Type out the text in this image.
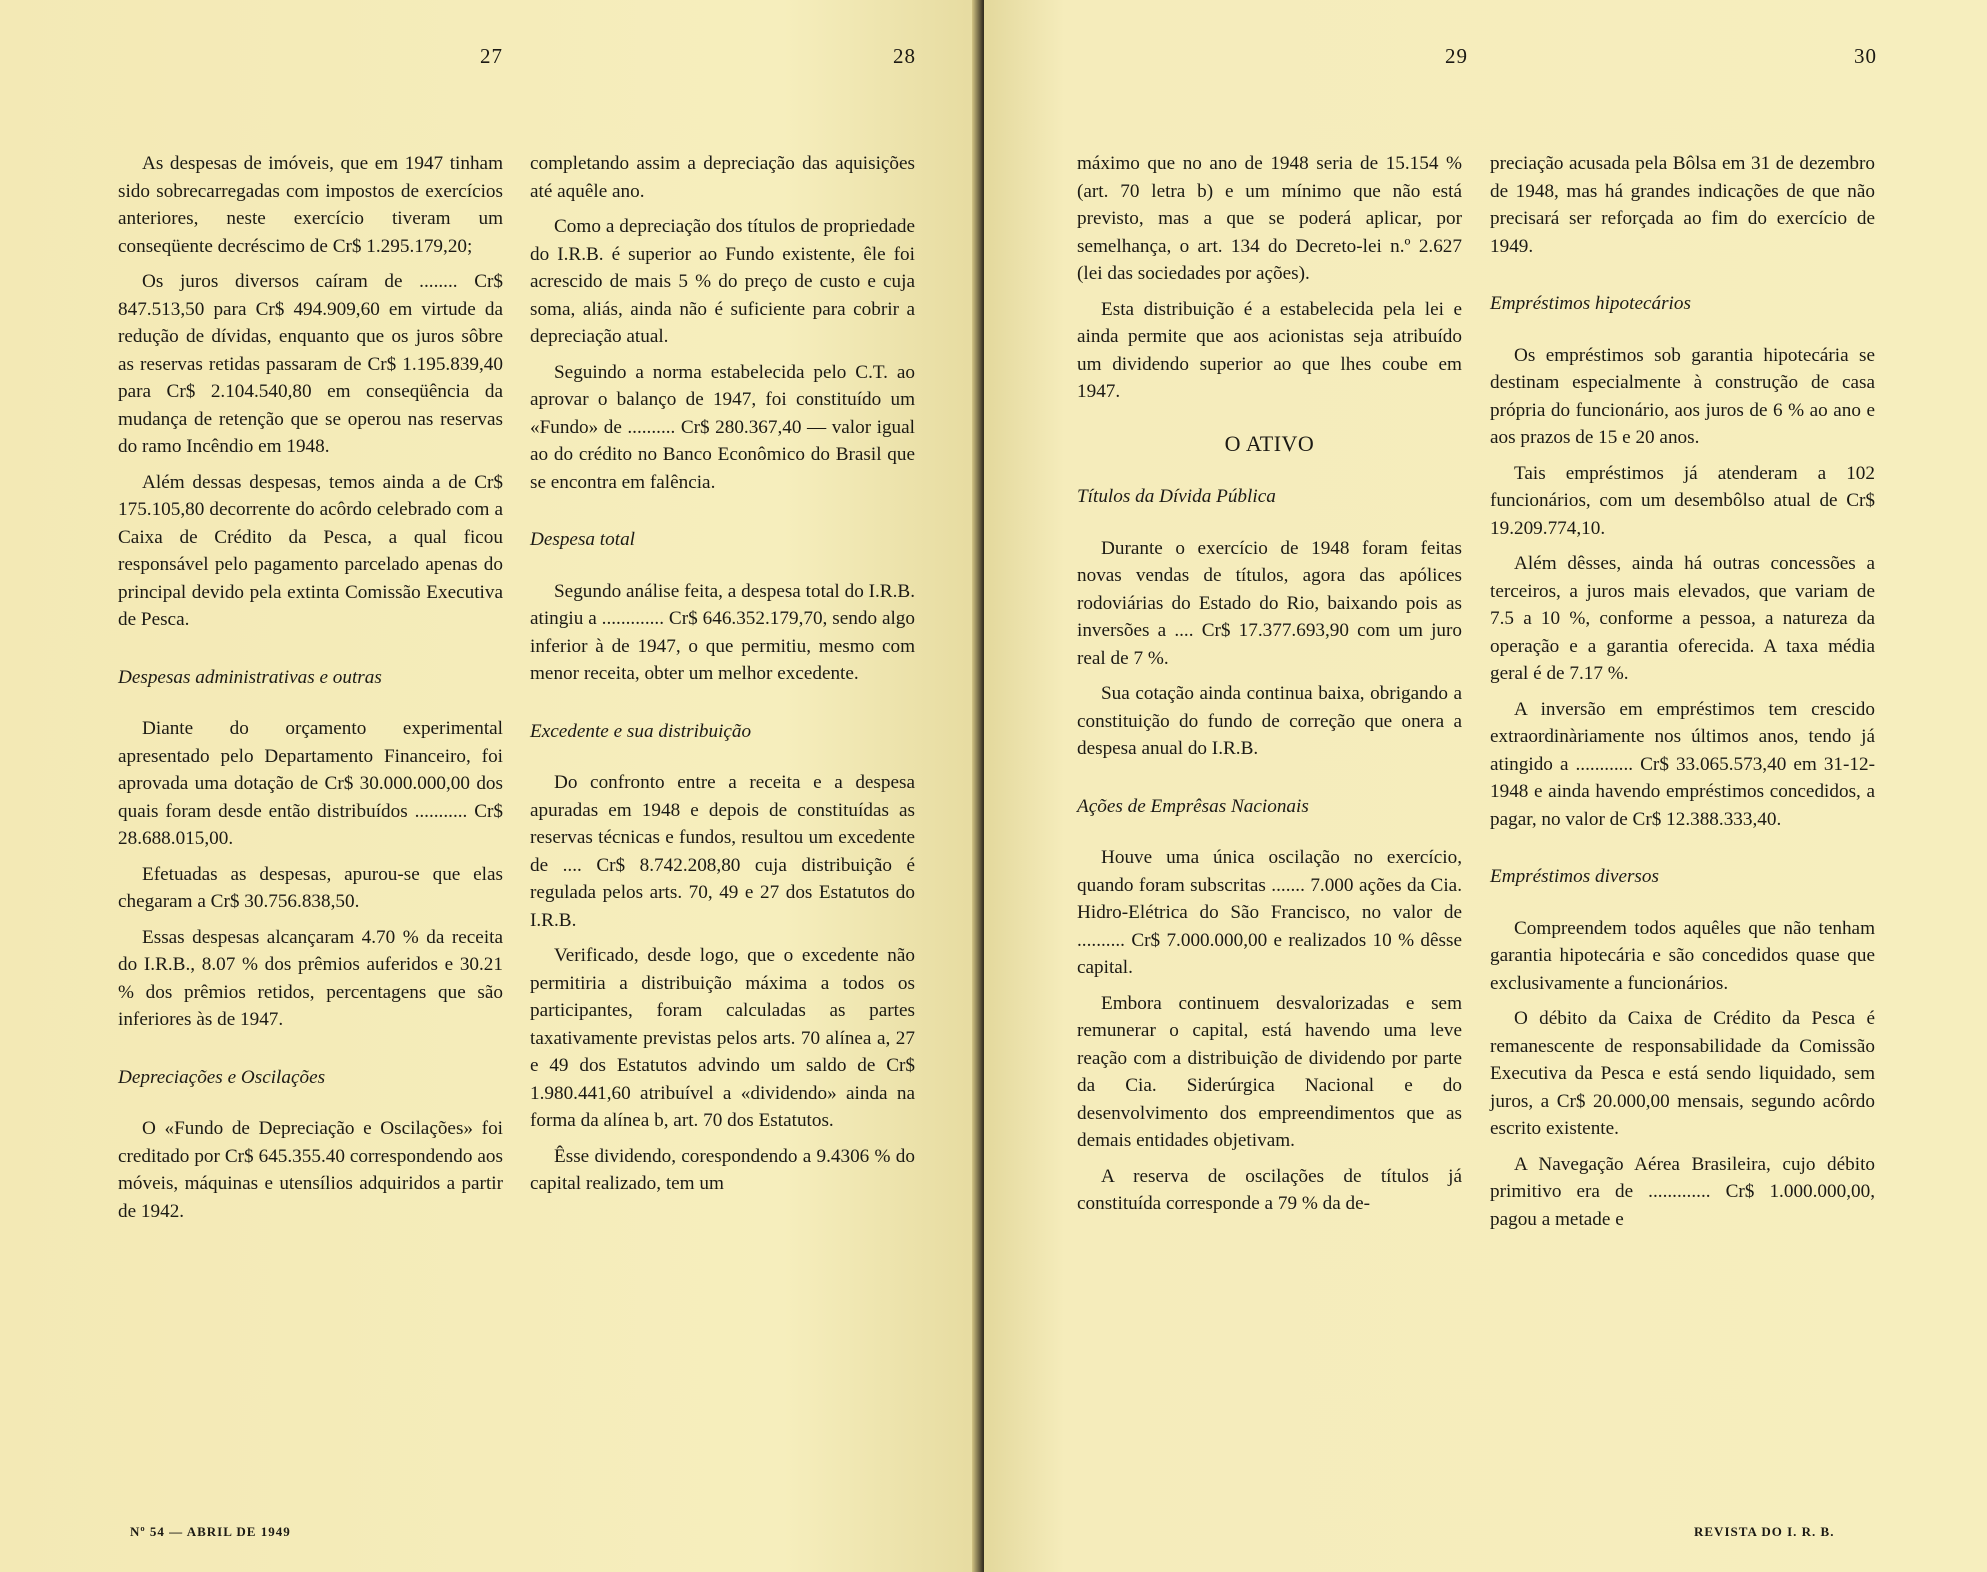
27	28

As despesas de imóveis, que em 1947 tinham sido sobrecarregadas com impostos de exercícios anteriores, neste exercício tiveram um conseqüente decréscimo de Cr$ 1.295.179,20;

Os juros diversos caíram de ........ Cr$ 847.513,50 para Cr$ 494.909,60 em virtude da redução de dívidas, enquanto que os juros sôbre as reservas retidas passaram de Cr$ 1.195.839,40 para Cr$ 2.104.540,80 em conseqüência da mudança de retenção que se operou nas reservas do ramo Incêndio em 1948.

Além dessas despesas, temos ainda a de Cr$ 175.105,80 decorrente do acôrdo celebrado com a Caixa de Crédito da Pesca, a qual ficou responsável pelo pagamento parcelado apenas do principal devido pela extinta Comissão Executiva de Pesca.

Despesas administrativas e outras

Diante do orçamento experimental apresentado pelo Departamento Financeiro, foi aprovada uma dotação de Cr$ 30.000.000,00 dos quais foram desde então distribuídos ........... Cr$ 28.688.015,00.

Efetuadas as despesas, apurou-se que elas chegaram a Cr$ 30.756.838,50.

Essas despesas alcançaram 4.70 % da receita do I.R.B., 8.07 % dos prêmios auferidos e 30.21 % dos prêmios retidos, percentagens que são inferiores às de 1947.

Depreciações e Oscilações

O «Fundo de Depreciação e Oscilações» foi creditado por Cr$ 645.355.40 correspondendo aos móveis, máquinas e utensílios adquiridos a partir de 1942.

completando assim a depreciação das aquisições até aquêle ano.

Como a depreciação dos títulos de propriedade do I.R.B. é superior ao Fundo existente, êle foi acrescido de mais 5 % do preço de custo e cuja soma, aliás, ainda não é suficiente para cobrir a depreciação atual.

Seguindo a norma estabelecida pelo C.T. ao aprovar o balanço de 1947, foi constituído um «Fundo» de .......... Cr$ 280.367,40 — valor igual ao do crédito no Banco Econômico do Brasil que se encontra em falência.

Despesa total

Segundo análise feita, a despesa total do I.R.B. atingiu a ............. Cr$ 646.352.179,70, sendo algo inferior à de 1947, o que permitiu, mesmo com menor receita, obter um melhor excedente.

Excedente e sua distribuição

Do confronto entre a receita e a despesa apuradas em 1948 e depois de constituídas as reservas técnicas e fundos, resultou um excedente de .... Cr$ 8.742.208,80 cuja distribuição é regulada pelos arts. 70, 49 e 27 dos Estatutos do I.R.B.

Verificado, desde logo, que o excedente não permitiria a distribuição máxima a todos os participantes, foram calculadas as partes taxativamente previstas pelos arts. 70 alínea a, 27 e 49 dos Estatutos advindo um saldo de Cr$ 1.980.441,60 atribuível a «dividendo» ainda na forma da alínea b, art. 70 dos Estatutos.

Êsse dividendo, corespondendo a 9.4306 % do capital realizado, tem um

Nº 54 — ABRIL DE 1949
29	30

máximo que no ano de 1948 seria de 15.154 % (art. 70 letra b) e um mínimo que não está previsto, mas a que se poderá aplicar, por semelhança, o art. 134 do Decreto-lei n.º 2.627 (lei das sociedades por ações).

Esta distribuição é a estabelecida pela lei e ainda permite que aos acionistas seja atribuído um dividendo superior ao que lhes coube em 1947.

O ATIVO

Títulos da Dívida Pública

Durante o exercício de 1948 foram feitas novas vendas de títulos, agora das apólices rodoviárias do Estado do Rio, baixando pois as inversões a .... Cr$ 17.377.693,90 com um juro real de 7 %.

Sua cotação ainda continua baixa, obrigando a constituição do fundo de correção que onera a despesa anual do I.R.B.

Ações de Emprêsas Nacionais

Houve uma única oscilação no exercício, quando foram subscritas ....... 7.000 ações da Cia. Hidro-Elétrica do São Francisco, no valor de .......... Cr$ 7.000.000,00 e realizados 10 % dêsse capital.

Embora continuem desvalorizadas e sem remunerar o capital, está havendo uma leve reação com a distribuição de dividendo por parte da Cia. Siderúrgica Nacional e do desenvolvimento dos empreendimentos que as demais entidades objetivam.

A reserva de oscilações de títulos já constituída corresponde a 79 % da de-

preciação acusada pela Bôlsa em 31 de dezembro de 1948, mas há grandes indicações de que não precisará ser reforçada ao fim do exercício de 1949.

Empréstimos hipotecários

Os empréstimos sob garantia hipotecária se destinam especialmente à construção de casa própria do funcionário, aos juros de 6 % ao ano e aos prazos de 15 e 20 anos.

Tais empréstimos já atenderam a 102 funcionários, com um desembôlso atual de Cr$ 19.209.774,10.

Além dêsses, ainda há outras concessões a terceiros, a juros mais elevados, que variam de 7.5 a 10 %, conforme a pessoa, a natureza da operação e a garantia oferecida. A taxa média geral é de 7.17 %.

A inversão em empréstimos tem crescido extraordinàriamente nos últimos anos, tendo já atingido a ............ Cr$ 33.065.573,40 em 31-12-1948 e ainda havendo empréstimos concedidos, a pagar, no valor de Cr$ 12.388.333,40.

Empréstimos diversos

Compreendem todos aquêles que não tenham garantia hipotecária e são concedidos quase que exclusivamente a funcionários.

O débito da Caixa de Crédito da Pesca é remanescente de responsabilidade da Comissão Executiva da Pesca e está sendo liquidado, sem juros, a Cr$ 20.000,00 mensais, segundo acôrdo escrito existente.

A Navegação Aérea Brasileira, cujo débito primitivo era de ............. Cr$ 1.000.000,00, pagou a metade e

REVISTA DO I. R. B.
